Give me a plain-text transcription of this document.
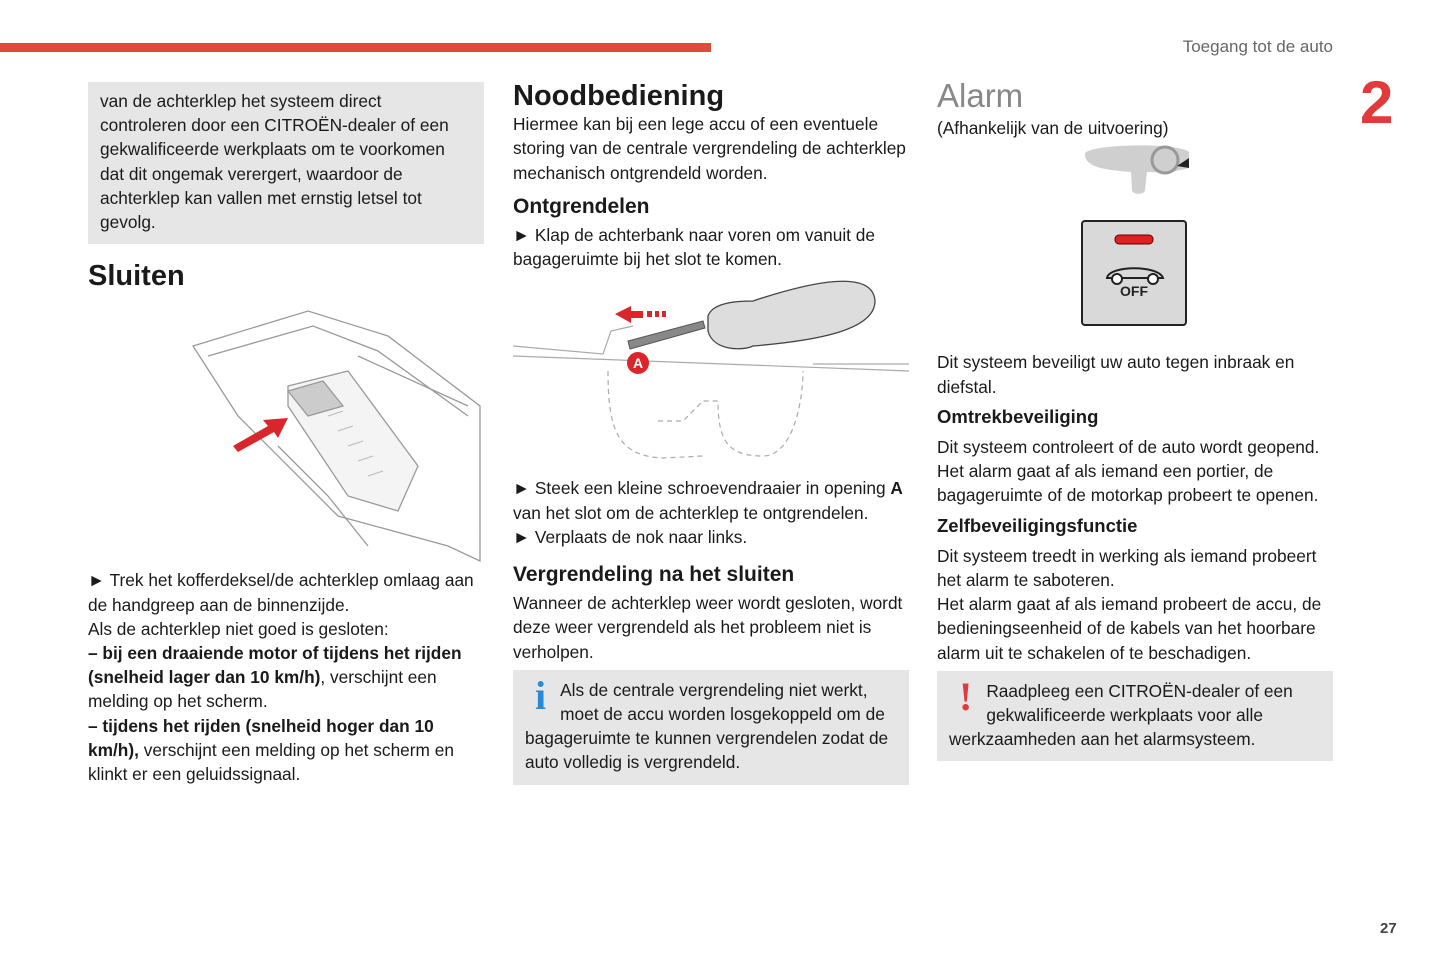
Toegang tot de auto
2
27
van de achterklep het systeem direct controleren door een CITROËN-dealer of een gekwalificeerde werkplaats om te voorkomen dat dit ongemak verergert, waardoor de achterklep kan vallen met ernstig letsel tot gevolg.
Sluiten

► Trek het kofferdeksel/de achterklep omlaag aan de handgreep aan de binnenzijde.

Als de achterklep niet goed is gesloten:

– bij een draaiende motor of tijdens het rijden (snelheid lager dan 10 km/h), verschijnt een melding op het scherm.

– tijdens het rijden (snelheid hoger dan 10 km/h), verschijnt een melding op het scherm en klinkt er een geluidssignaal.

Noodbediening

Hiermee kan bij een lege accu of een eventuele storing van de centrale vergrendeling de achterklep mechanisch ontgrendeld worden.

Ontgrendelen

► Klap de achterbank naar voren om vanuit de bagageruimte bij het slot te komen.

A

► Steek een kleine schroevendraaier in opening A van het slot om de achterklep te ontgrendelen.

► Verplaats de nok naar links.

Vergrendeling na het sluiten

Wanneer de achterklep weer wordt gesloten, wordt deze weer vergrendeld als het probleem niet is verholpen.

i Als de centrale vergrendeling niet werkt, moet de accu worden losgekoppeld om de bagageruimte te kunnen vergrendelen zodat de auto volledig is vergrendeld.
Alarm

(Afhankelijk van de uitvoering)

OFF

Dit systeem beveiligt uw auto tegen inbraak en diefstal.

Omtrekbeveiliging

Dit systeem controleert of de auto wordt geopend.

Het alarm gaat af als iemand een portier, de bagageruimte of de motorkap probeert te openen.

Zelfbeveiligingsfunctie

Dit systeem treedt in werking als iemand probeert het alarm te saboteren.

Het alarm gaat af als iemand probeert de accu, de bedieningseenheid of de kabels van het hoorbare alarm uit te schakelen of te beschadigen.

! Raadpleeg een CITROËN-dealer of een gekwalificeerde werkplaats voor alle werkzaamheden aan het alarmsysteem.
